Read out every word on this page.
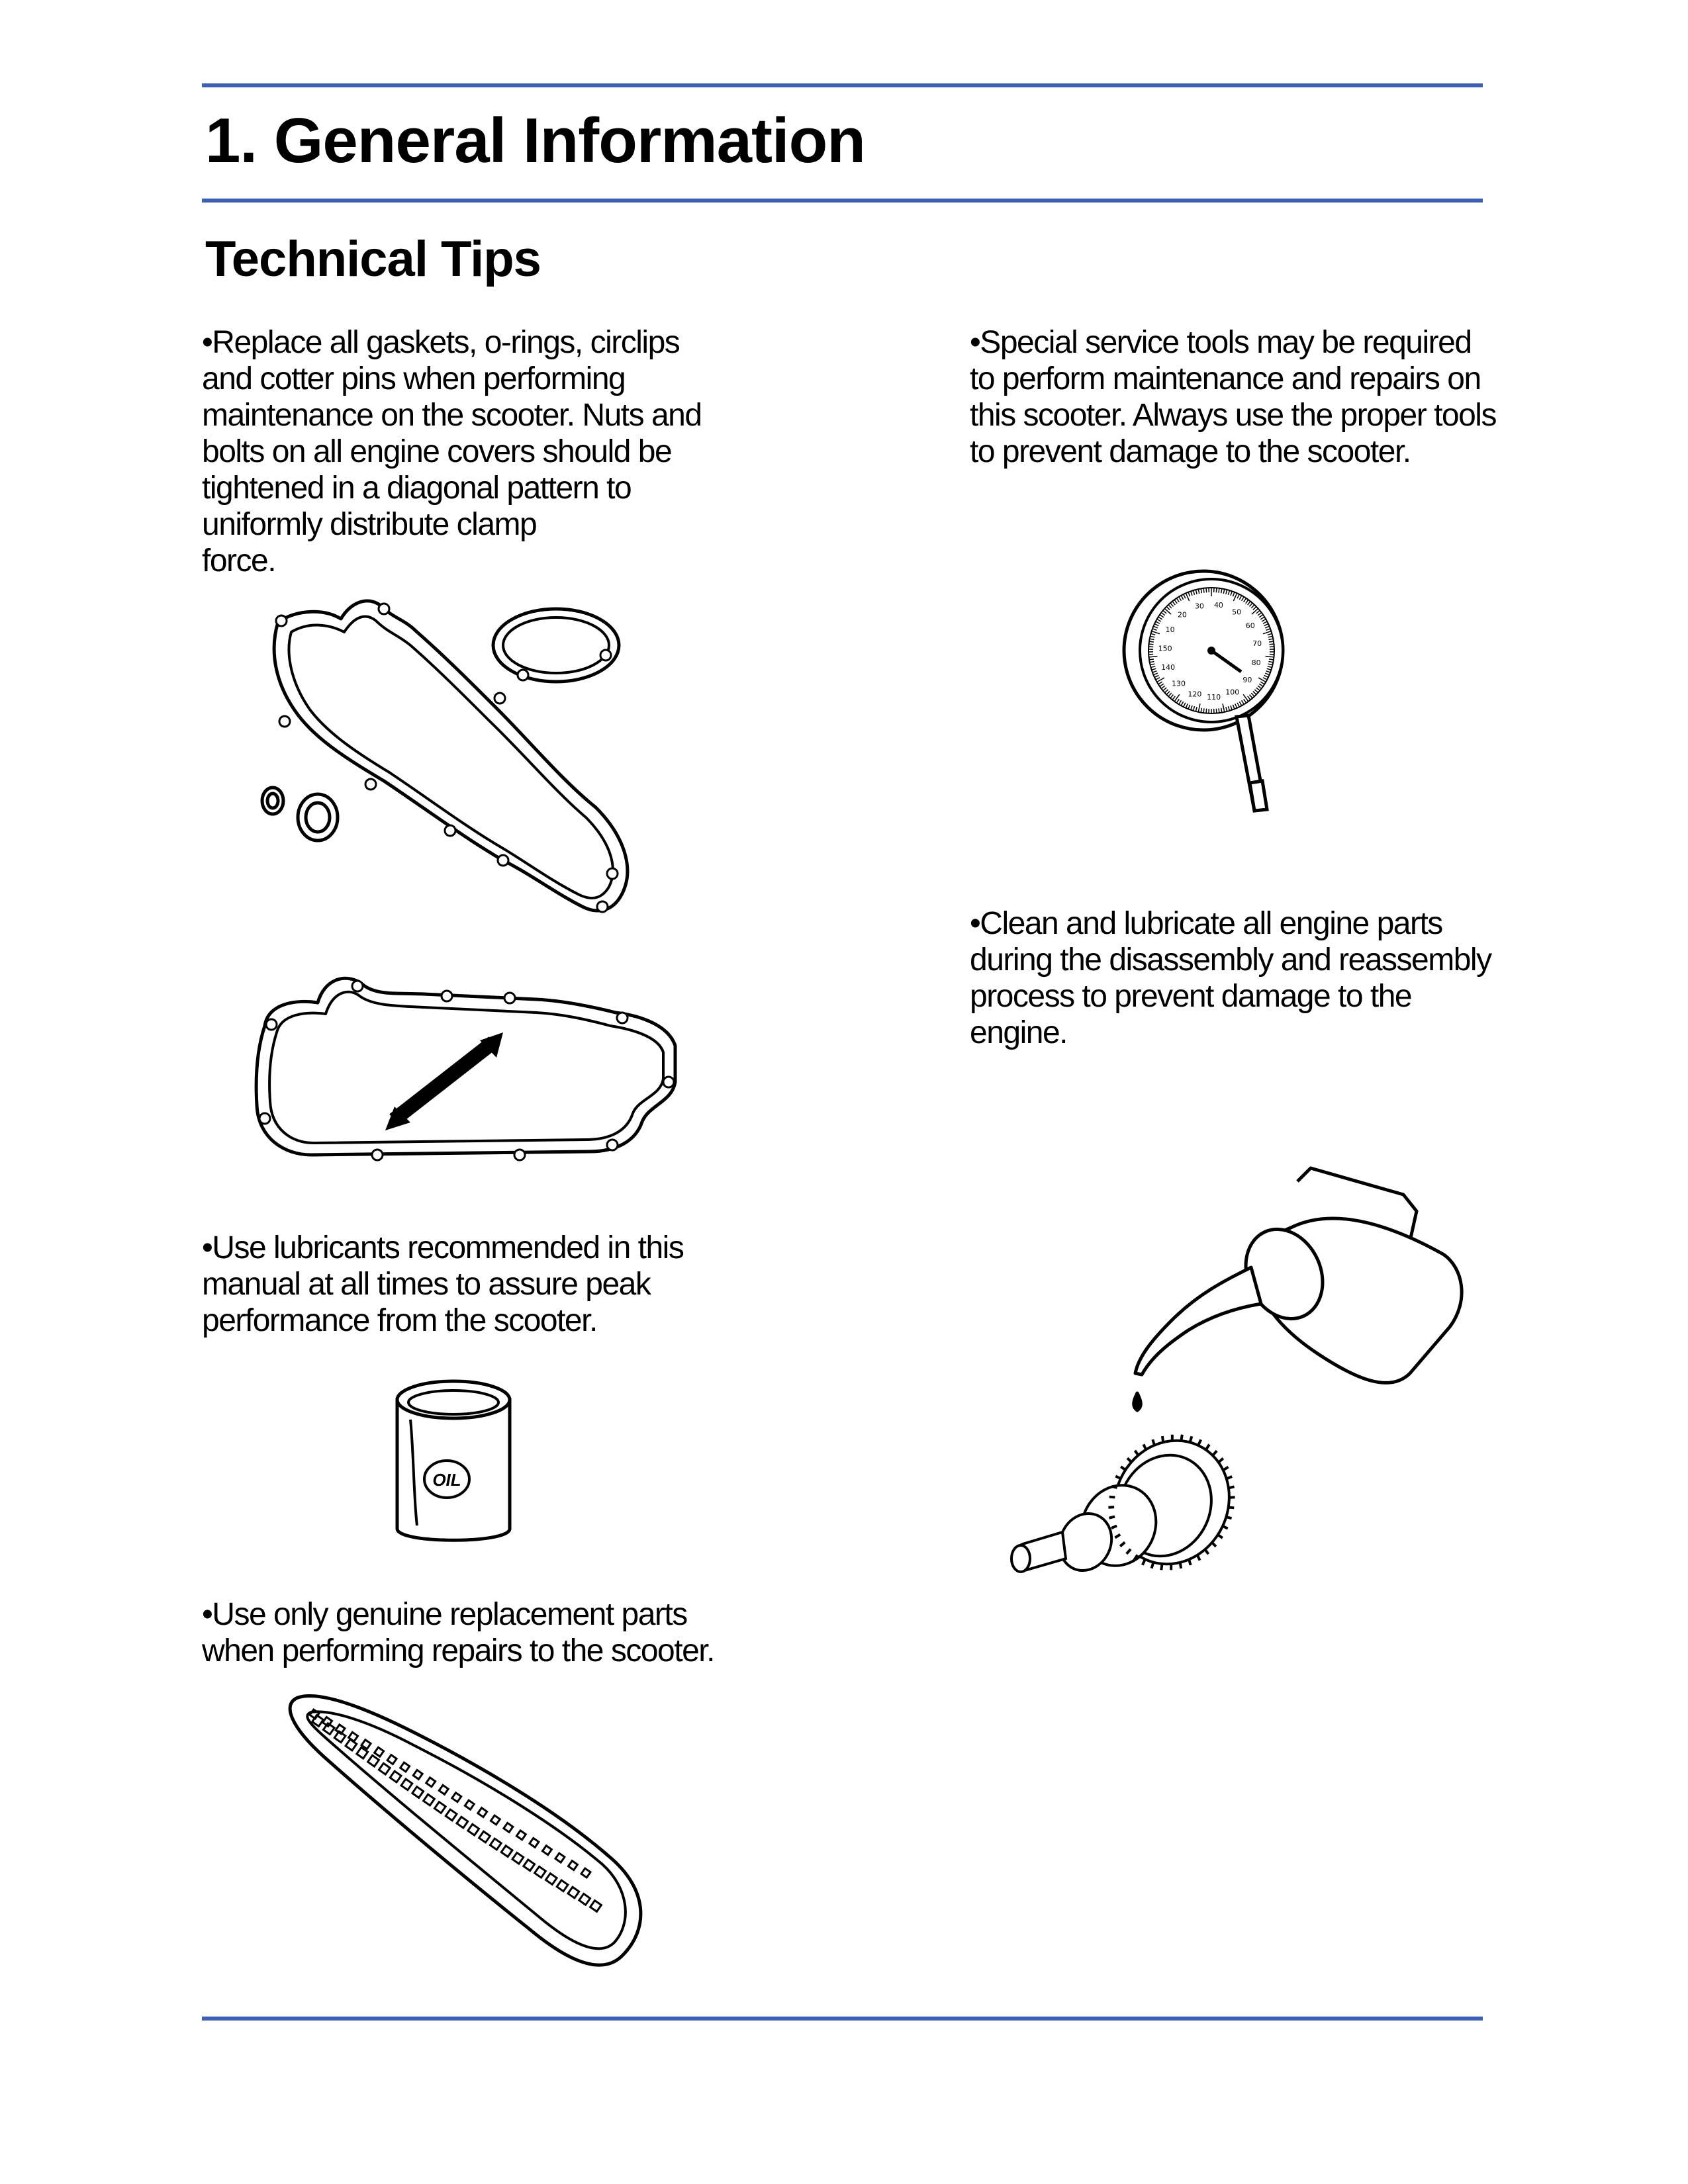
1. General Information
Technical Tips
•Replace all gaskets, o-rings, circlips
and cotter pins when performing
maintenance on the scooter. Nuts and
bolts on all engine covers should be
tightened in a diagonal pattern to
uniformly distribute clamp
force.
•Use lubricants recommended in this
manual at all times to assure peak
performance from the scooter.
•Use only genuine replacement parts
when performing repairs to the scooter.
•Special service tools may be required
to perform maintenance and repairs on
this scooter. Always use the proper tools
to prevent damage to the scooter.
•Clean and lubricate all engine parts
during the disassembly and reassembly
process to prevent damage to the
engine.
OIL
10
20
30 40
50
60
70
80
90
100
110
120
130
140
150
